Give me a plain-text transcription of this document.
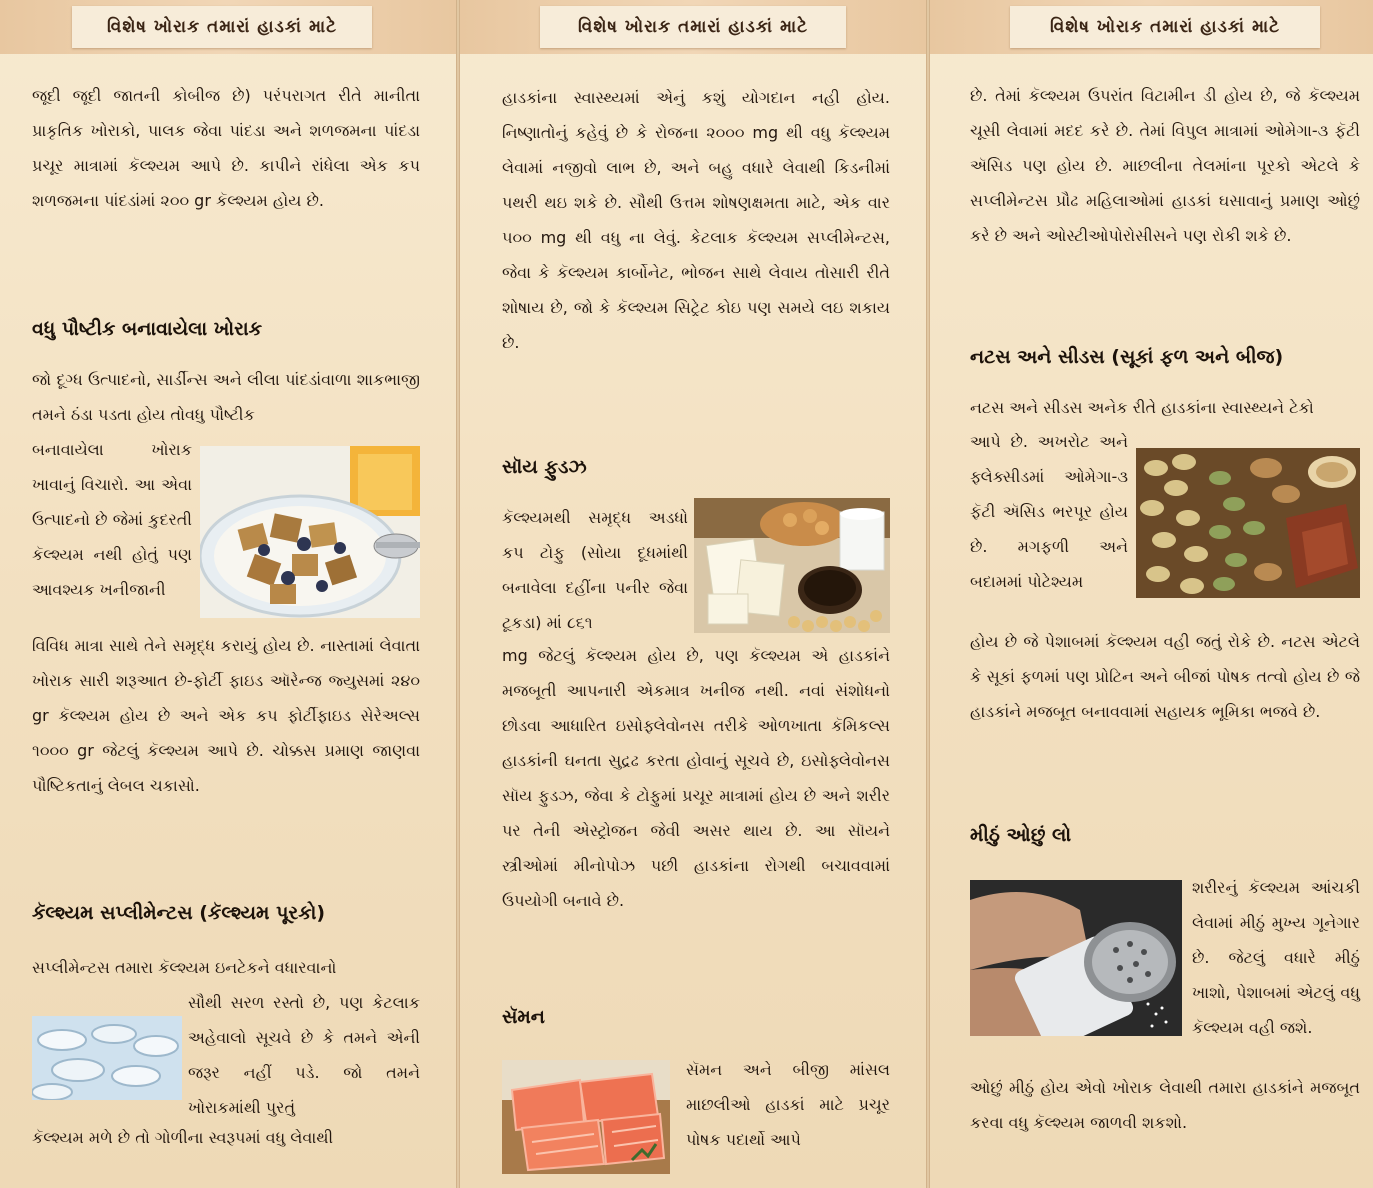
વિશેષ ખોરાક તમારાં હાડકાં માટે

જૂદી જૂદી જાતની કોબીજ છે) પરંપરાગત રીતે માનીતા પ્રાકૃતિક ખોરાકો, પાલક જેવા પાંદડા અને શળજમના પાંદડા પ્રચૂર માત્રામાં કૅલ્શ્યમ આપે છે. કાપીને રાંધેલા એક કપ શળજમના પાંદડાંમાં ૨૦૦ gr કૅલ્શ્યમ હોય છે.

વધુ પૌષ્ટીક બનાવાયેલા ખોરાક

જો દૂગ્ધ ઉત્પાદનો, સાર્ડીન્સ અને લીલા પાંદડાંવાળા શાકભાજી તમને ઠંડા પડતા હોય તોવધુ પૌષ્ટીક

બનાવાયેલા ખોરાક ખાવાનું વિચારો. આ એવા ઉત્પાદનો છે જેમાં કુદરતી કૅલ્શ્યમ નથી હોતું પણ આવશ્યક ખનીજાની

વિવિધ માત્રા સાથે તેને સમૃદ્ધ કરાયું હોય છે. નાસ્તામાં લેવાતા ખોરાક સારી શરૂઆત છે-ફોર્ટી ફાઇડ ઑરેન્જ જ્યુસમાં ૨૪૦ gr કૅલ્શ્યમ હોય છે અને એક કપ ફોર્ટીફાઇડ સેરેઅલ્સ ૧૦૦૦ gr જેટલું કૅલ્શ્યમ આપે છે. ચોક્કસ પ્રમાણ જાણવા પૌષ્ટિકતાનું લેબલ ચકાસો.

કૅલ્શ્યમ સપ્લીમેન્ટસ (કૅલ્શ્યમ પૂરકો)

સપ્લીમેન્ટસ તમારા કૅલ્શ્યમ ઇનટેકને વધારવાનો

સૌથી સરળ રસ્તો છે, પણ કેટલાક અહેવાલો સૂચવે છે કે તમને એની જરૂર નહીં પડે. જો તમને ખોરાકમાંથી પુરતું

કૅલ્શ્યમ મળે છે તો ગોળીના સ્વરૂપમાં વધુ લેવાથી

વિશેષ ખોરાક તમારાં હાડકાં માટે

હાડકાંના સ્વાસ્થ્યમાં એનું કશું યોગદાન નહી હોય. નિષ્ણાતોનું કહેવું છે કે રોજના ૨૦૦૦ mg થી વધુ કૅલ્શ્યમ લેવામાં નજીવો લાભ છે, અને બહુ વધારે લેવાથી કિડનીમાં પથરી થઇ શકે છે. સૌથી ઉત્તમ શોષણક્ષમતા માટે, એક વાર ૫૦૦ mg થી વધુ ના લેવું. કેટલાક કૅલ્શ્યમ સપ્લીમેન્ટસ, જેવા કે કૅલ્શ્યમ કાર્બોનેટ, ભોજન સાથે લેવાય તોસારી રીતે શોષાય છે, જો કે કૅલ્શ્યમ સિટ્રેટ કોઇ પણ સમયે લઇ શકાય છે.

સૉય ફુડઝ

કૅલ્શ્યમથી સમૃદ્ધ અડધો કપ ટોફુ (સોયા દૂધમાંથી બનાવેલા દહીંના પનીર જેવા ટૂકડા) માં ૮૬૧

mg જેટલું કૅલ્શ્યમ હોય છે, પણ કૅલ્શ્યમ એ હાડકાંને મજબૂતી આપનારી એકમાત્ર ખનીજ નથી. નવાં સંશોધનો છોડવા આધારિત ઇસોફ્લેવોનસ તરીકે ઓળખાતા કૅમિકલ્સ હાડકાંની ઘનતા સુદ્રઢ કરતા હોવાનું સૂચવે છે, ઇસોફ્લેવોનસ સૉય ફુડઝ, જેવા કે ટોફુમાં પ્રચૂર માત્રામાં હોય છે અને શરીર પર તેની એસ્ટ્રોજન જેવી અસર થાય છે. આ સૉયને સ્ત્રીઓમાં મીનોપોઝ પછી હાડકાંના રોગથી બચાવવામાં ઉપયોગી બનાવે છે.

સૅમન

સૅમન અને બીજી માંસલ માછલીઓ હાડકાં માટે પ્રચૂર પોષક પદાર્થો આપે

વિશેષ ખોરાક તમારાં હાડકાં માટે

છે. તેમાં કૅલ્શ્યમ ઉપરાંત વિટામીન ડી હોય છે, જે કૅલ્શ્યમ ચૂસી લેવામાં મદદ કરે છે. તેમાં વિપુલ માત્રામાં ઓમેગા-૩ ફૅટી ઍસિડ પણ હોય છે. માછલીના તેલમાંના પૂરકો એટલે કે સપ્લીમેન્ટસ પ્રૌઢ મહિલાઓમાં હાડકાં ઘસાવાનું પ્રમાણ ઓછું કરે છે અને ઓસ્ટીઓપોરોસીસને પણ રોકી શકે છે.

નટસ અને સીડસ (સૂકાં ફળ અને બીજ)

નટસ અને સીડસ અનેક રીતે હાડકાંના સ્વાસ્થ્યને ટેકો

આપે છે. અખરોટ અને ફ્લેક્સીડમાં ઓમેગા-૩ ફૅટી ઍસિડ ભરપૂર હોય છે. મગફળી અને બદામમાં પોટેશ્યમ

હોય છે જે પેશાબમાં કૅલ્શ્યમ વહી જતું રોકે છે. નટસ એટલે કે સૂકાં ફળમાં પણ પ્રોટિન અને બીજાં પોષક તત્વો હોય છે જે હાડકાંને મજબૂત બનાવવામાં સહાયક ભૂમિકા ભજવે છે.

મીઠું ઓછું લો

શરીરનું કૅલ્શ્યમ આંચકી લેવામાં મીઠું મુખ્ય ગૂનેગાર છે. જેટલું વધારે મીઠું ખાશો, પેશાબમાં એટલું વધુ કૅલ્શ્યમ વહી જશે.

ઓછું મીઠું હોય એવો ખોરાક લેવાથી તમારા હાડકાંને મજબૂત કરવા વધુ કૅલ્શ્યમ જાળવી શકશો.
